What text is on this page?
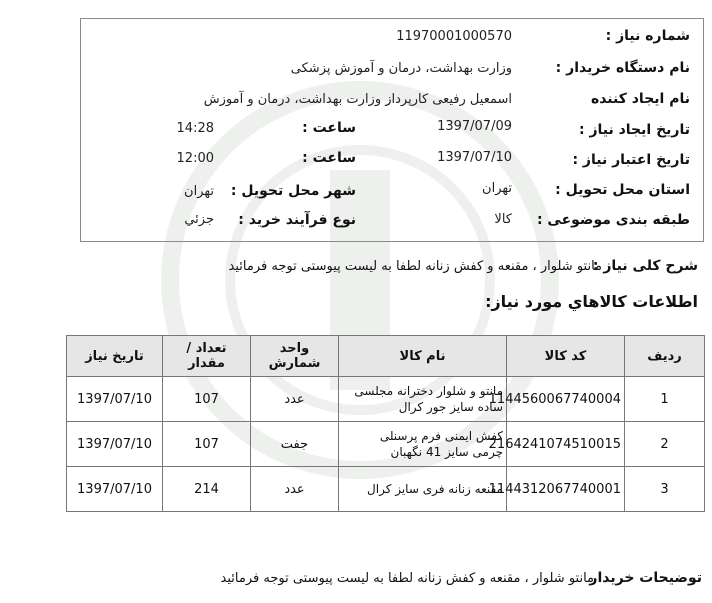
شماره نیاز :
11970001000570
نام دستگاه خریدار :
وزارت بهداشت، درمان و آموزش پزشکی
نام ایجاد کننده
اسمعیل رفیعی کارپرداز وزارت بهداشت، درمان و آموزش
تاریخ ایجاد نیاز :
1397/07/09
ساعت :
14:28
تاریخ اعتبار نیاز :
1397/07/10
ساعت :
12:00
استان محل تحویل :
تهران
شهر محل تحویل :
تهران
طبقه بندی موضوعی :
کالا
نوع فرآیند خرید :
جزئي
شرح کلی نیاز :
مانتو شلوار ، مقنعه و کفش زنانه لطفا به لیست پیوستی توجه فرمائید
اطلاعات کالاهاي مورد نیاز:
ردیف	کد کالا	نام کالا	واحد شمارش	تعداد / مقدار	تاریخ نیاز
1	1144560067740004	مانتو و شلوار دخترانه مجلسی
ساده سایز جور کرال	عدد	107	1397/07/10
2	2164241074510015	کفش ایمنی فرم پرسنلی
چرمی سایز 41 نگهبان	جفت	107	1397/07/10
3	1144312067740001	مقنعه زنانه فری سایز کرال	عدد	214	1397/07/10
توضیحات خریدار
مانتو شلوار ، مقنعه و کفش زنانه لطفا به لیست پیوستی توجه فرمائید
